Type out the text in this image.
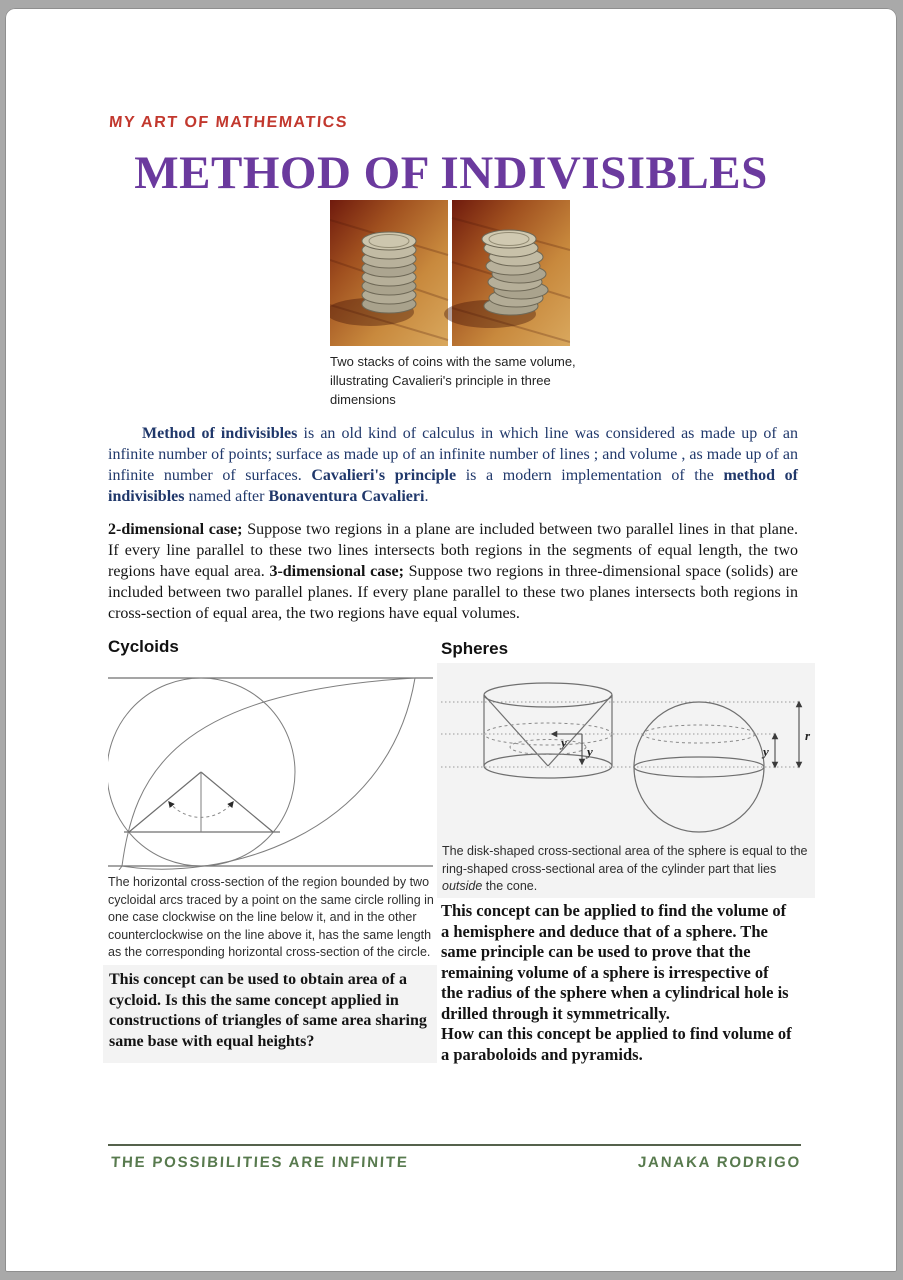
MY ART OF MATHEMATICS
METHOD OF INDIVISIBLES
Two stacks of coins with the same volume, illustrating Cavalieri's principle in three dimensions

Method of indivisibles is an old kind of calculus in which line was considered as made up of an infinite number of points; surface as made up of an infinite number of lines ; and volume , as made up of an infinite number of surfaces. Cavalieri's principle is a modern implementation of the method of indivisibles named after Bonaventura Cavalieri.

2-dimensional case; Suppose two regions in a plane are included between two parallel lines in that plane. If every line parallel to these two lines intersects both regions in the segments of equal length, the two regions have equal area. 3-dimensional case; Suppose two regions in three-dimensional space (solids) are included between two parallel planes. If every plane parallel to these two planes intersects both regions in cross-section of equal area, the two regions have equal volumes.

Cycloids
The horizontal cross-section of the region bounded by two cycloidal arcs traced by a point on the same circle rolling in one case clockwise on the line below it, and in the other counterclockwise on the line above it, has the same length as the corresponding horizontal cross-section of the circle.
This concept can be used to obtain area of a cycloid. Is this the same concept applied in constructions of triangles of same area sharing same base with equal heights?
Spheres
y
y	y
r
The disk-shaped cross-sectional area of the sphere is equal to the ring-shaped cross-sectional area of the cylinder part that lies outside the cone.
This concept can be applied to find the volume of a hemisphere and deduce that of a sphere. The same principle can be used to prove that the remaining volume of a sphere is irrespective of the radius of the sphere when a cylindrical hole is drilled through it symmetrically.
How can this concept be applied to find volume of a paraboloids and pyramids.
THE POSSIBILITIES ARE INFINITE	JANAKA RODRIGO
